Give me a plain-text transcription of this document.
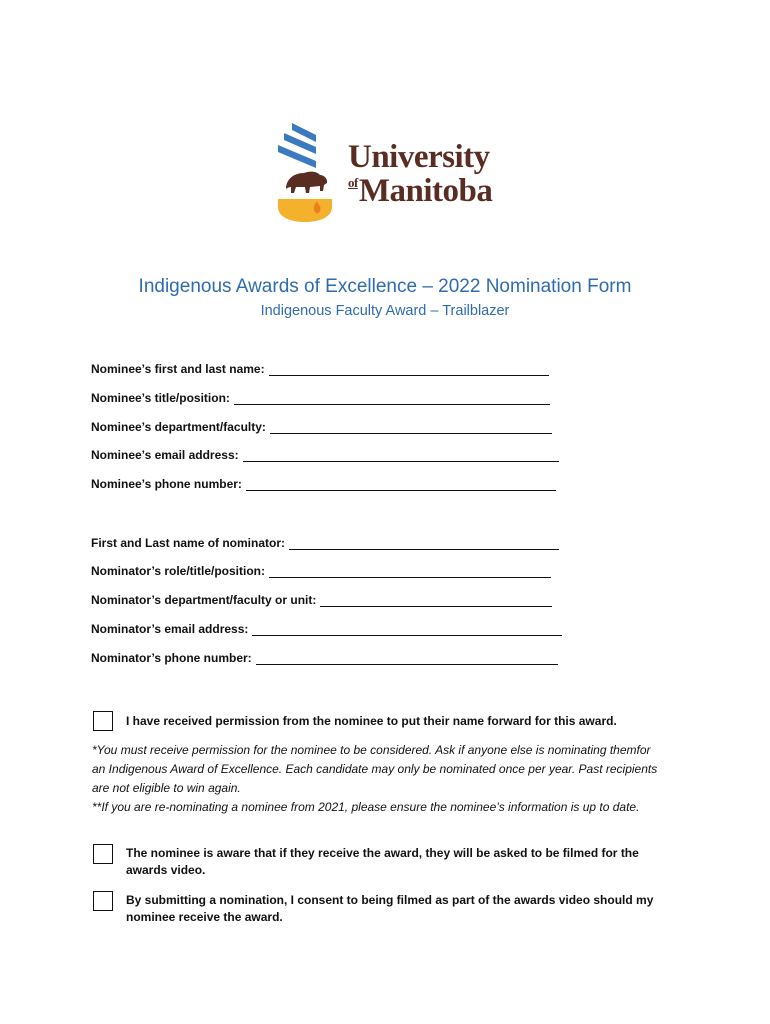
University
$^{of}$Manitoba
Indigenous Awards of Excellence – 2022 Nomination Form
Indigenous Faculty Award – Trailblazer
Nominee’s first and last name:
Nominee’s title/position:
Nominee’s department/faculty:
Nominee’s email address:
Nominee’s phone number:
First and Last name of nominator:
Nominator’s role/title/position:
Nominator’s department/faculty or unit:
Nominator’s email address:
Nominator’s phone number:
I have received permission from the nominee to put their name forward for this award.
*You must receive permission for the nominee to be considered. Ask if anyone else is nominating themfor an Indigenous Award of Excellence. Each candidate may only be nominated once per year. Past recipients are not eligible to win again.
**If you are re-nominating a nominee from 2021, please ensure the nominee’s information is up to date.
The nominee is aware that if they receive the award, they will be asked to be filmed for the awards video.
By submitting a nomination, I consent to being filmed as part of the awards video should my nominee receive the award.
